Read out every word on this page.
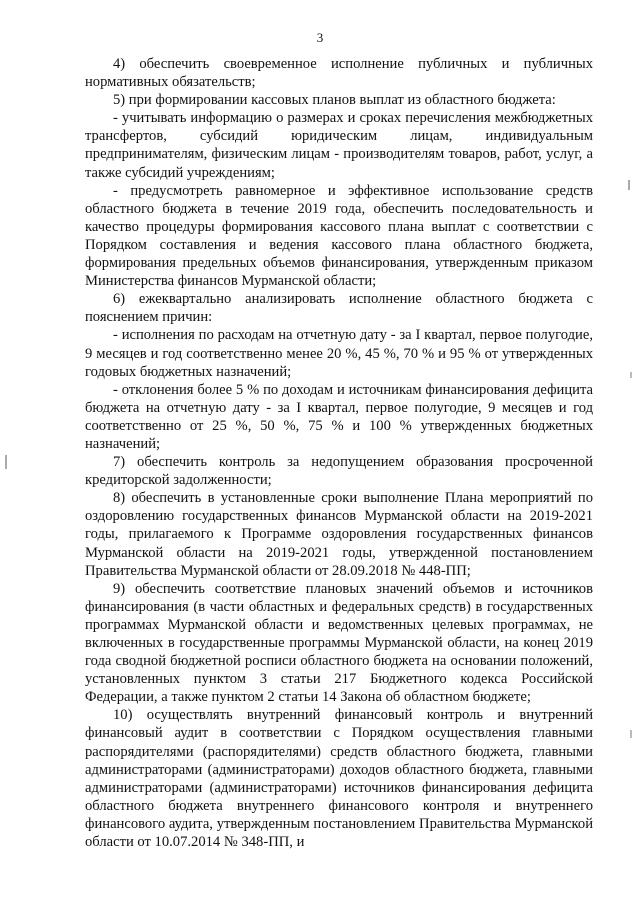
3

4) обеспечить своевременное исполнение публичных и публичных нормативных обязательств;

5) при формировании кассовых планов выплат из областного бюджета:

- учитывать информацию о размерах и сроках перечисления межбюджетных трансфертов, субсидий юридическим лицам, индивидуальным предпринимателям, физическим лицам - производителям товаров, работ, услуг, а также субсидий учреждениям;

- предусмотреть равномерное и эффективное использование средств областного бюджета в течение 2019 года, обеспечить последовательность и качество процедуры формирования кассового плана выплат с соответствии с Порядком составления и ведения кассового плана областного бюджета, формирования предельных объемов финансирования, утвержденным приказом Министерства финансов Мурманской области;

6) ежеквартально анализировать исполнение областного бюджета с пояснением причин:

- исполнения по расходам на отчетную дату - за I квартал, первое полугодие, 9 месяцев и год соответственно менее 20 %, 45 %, 70 % и 95 % от утвержденных годовых бюджетных назначений;

- отклонения более 5 % по доходам и источникам финансирования дефицита бюджета на отчетную дату - за I квартал, первое полугодие, 9 месяцев и год соответственно от 25 %, 50 %, 75 % и 100 % утвержденных бюджетных назначений;

7) обеспечить контроль за недопущением образования просроченной кредиторской задолженности;

8) обеспечить в установленные сроки выполнение Плана мероприятий по оздоровлению государственных финансов Мурманской области на 2019-2021 годы, прилагаемого к Программе оздоровления государственных финансов Мурманской области на 2019-2021 годы, утвержденной постановлением Правительства Мурманской области от 28.09.2018 № 448-ПП;

9) обеспечить соответствие плановых значений объемов и источников финансирования (в части областных и федеральных средств) в государственных программах Мурманской области и ведомственных целевых программах, не включенных в государственные программы Мурманской области, на конец 2019 года сводной бюджетной росписи областного бюджета на основании положений, установленных пунктом 3 статьи 217 Бюджетного кодекса Российской Федерации, а также пунктом 2 статьи 14 Закона об областном бюджете;

10) осуществлять внутренний финансовый контроль и внутренний финансовый аудит в соответствии с Порядком осуществления главными распорядителями (распорядителями) средств областного бюджета, главными администраторами (администраторами) доходов областного бюджета, главными администраторами (администраторами) источников финансирования дефицита областного бюджета внутреннего финансового контроля и внутреннего финансового аудита, утвержденным постановлением Правительства Мурманской области от 10.07.2014 № 348-ПП, и
